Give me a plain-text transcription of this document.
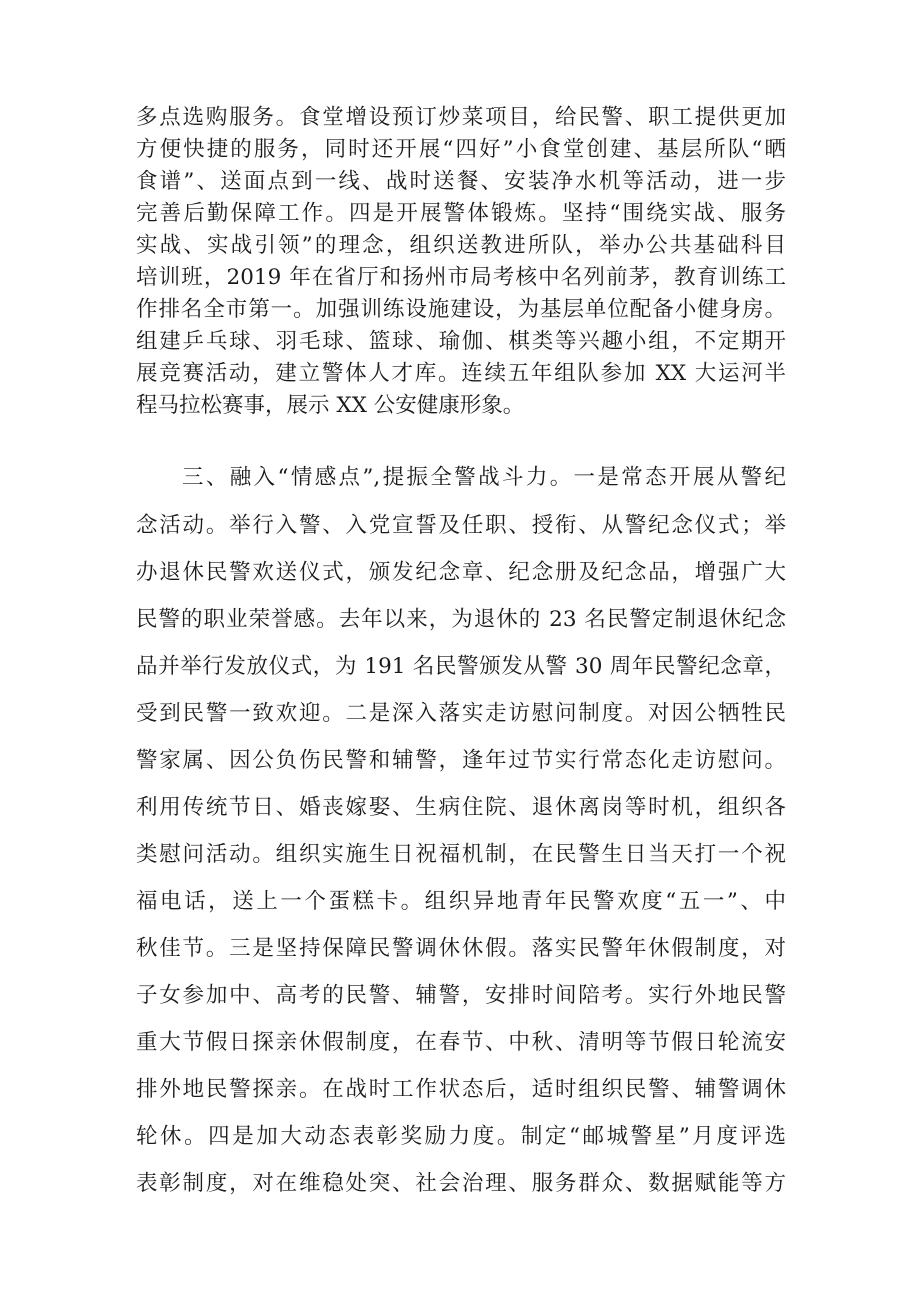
多点选购服务。食堂增设预订炒菜项目，给民警、职工提供更加
方便快捷的服务，同时还开展“四好”小食堂创建、基层所队“晒
食谱”、送面点到一线、战时送餐、安装净水机等活动，进一步
完善后勤保障工作。四是开展警体锻炼。坚持“围绕实战、服务
实战、实战引领”的理念，组织送教进所队，举办公共基础科目
培训班，2019 年在省厅和扬州市局考核中名列前茅，教育训练工
作排名全市第一。加强训练设施建设，为基层单位配备小健身房。
组建乒乓球、羽毛球、篮球、瑜伽、棋类等兴趣小组，不定期开
展竞赛活动，建立警体人才库。连续五年组队参加 XX 大运河半
程马拉松赛事，展示 XX 公安健康形象。
三、融入“情感点”,提振全警战斗力。一是常态开展从警纪
念活动。举行入警、入党宣誓及任职、授衔、从警纪念仪式；举
办退休民警欢送仪式，颁发纪念章、纪念册及纪念品，增强广大
民警的职业荣誉感。去年以来，为退休的 23 名民警定制退休纪念
品并举行发放仪式，为 191 名民警颁发从警 30 周年民警纪念章，
受到民警一致欢迎。二是深入落实走访慰问制度。对因公牺牲民
警家属、因公负伤民警和辅警，逢年过节实行常态化走访慰问。
利用传统节日、婚丧嫁娶、生病住院、退休离岗等时机，组织各
类慰问活动。组织实施生日祝福机制，在民警生日当天打一个祝
福电话，送上一个蛋糕卡。组织异地青年民警欢度“五一”、中
秋佳节。三是坚持保障民警调休休假。落实民警年休假制度，对
子女参加中、高考的民警、辅警，安排时间陪考。实行外地民警
重大节假日探亲休假制度，在春节、中秋、清明等节假日轮流安
排外地民警探亲。在战时工作状态后，适时组织民警、辅警调休
轮休。四是加大动态表彰奖励力度。制定“邮城警星”月度评选
表彰制度，对在维稳处突、社会治理、服务群众、数据赋能等方
